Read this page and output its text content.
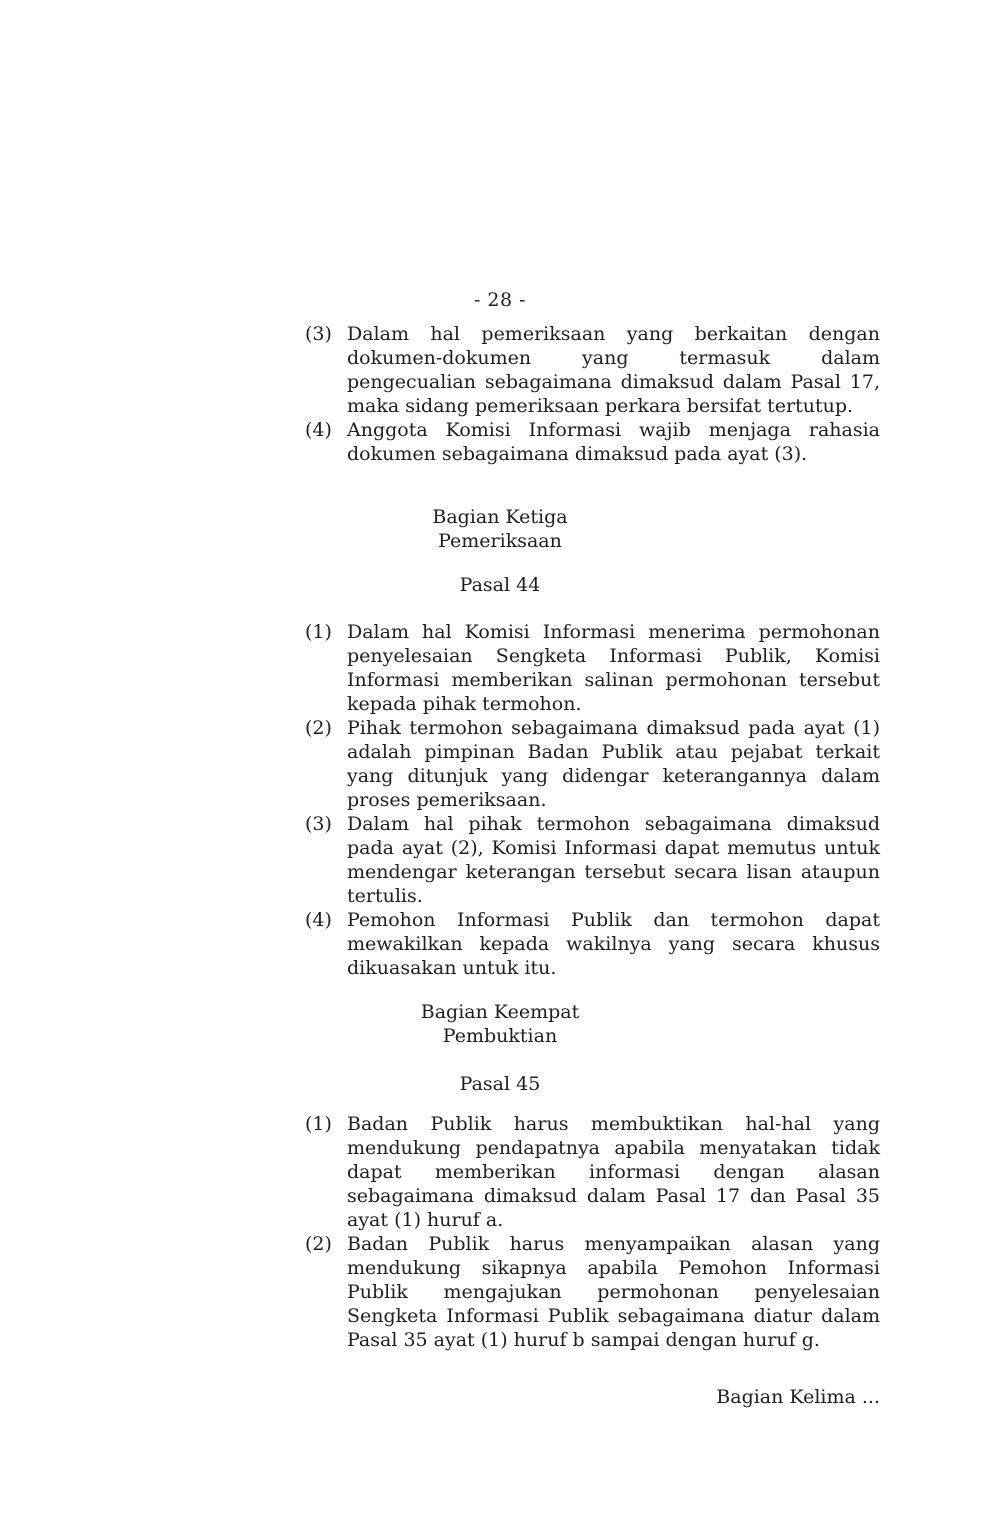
- 28 -
(3) Dalam hal pemeriksaan yang berkaitan dengan
dokumen-dokumen yang termasuk dalam
pengecualian sebagaimana dimaksud dalam Pasal 17,
maka sidang pemeriksaan perkara bersifat tertutup.
(4) Anggota Komisi Informasi wajib menjaga rahasia
dokumen sebagaimana dimaksud pada ayat (3).
Bagian Ketiga
Pemeriksaan
Pasal 44
(1) Dalam hal Komisi Informasi menerima permohonan
penyelesaian Sengketa Informasi Publik, Komisi
Informasi memberikan salinan permohonan tersebut
kepada pihak termohon.
(2) Pihak termohon sebagaimana dimaksud pada ayat (1)
adalah pimpinan Badan Publik atau pejabat terkait
yang ditunjuk yang didengar keterangannya dalam
proses pemeriksaan.
(3) Dalam hal pihak termohon sebagaimana dimaksud
pada ayat (2), Komisi Informasi dapat memutus untuk
mendengar keterangan tersebut secara lisan ataupun
tertulis.
(4) Pemohon Informasi Publik dan termohon dapat
mewakilkan kepada wakilnya yang secara khusus
dikuasakan untuk itu.
Bagian Keempat
Pembuktian
Pasal 45
(1) Badan Publik harus membuktikan hal-hal yang
mendukung pendapatnya apabila menyatakan tidak
dapat memberikan informasi dengan alasan
sebagaimana dimaksud dalam Pasal 17 dan Pasal 35
ayat (1) huruf a.
(2) Badan Publik harus menyampaikan alasan yang
mendukung sikapnya apabila Pemohon Informasi
Publik mengajukan permohonan penyelesaian
Sengketa Informasi Publik sebagaimana diatur dalam
Pasal 35 ayat (1) huruf b sampai dengan huruf g.
Bagian Kelima ...
